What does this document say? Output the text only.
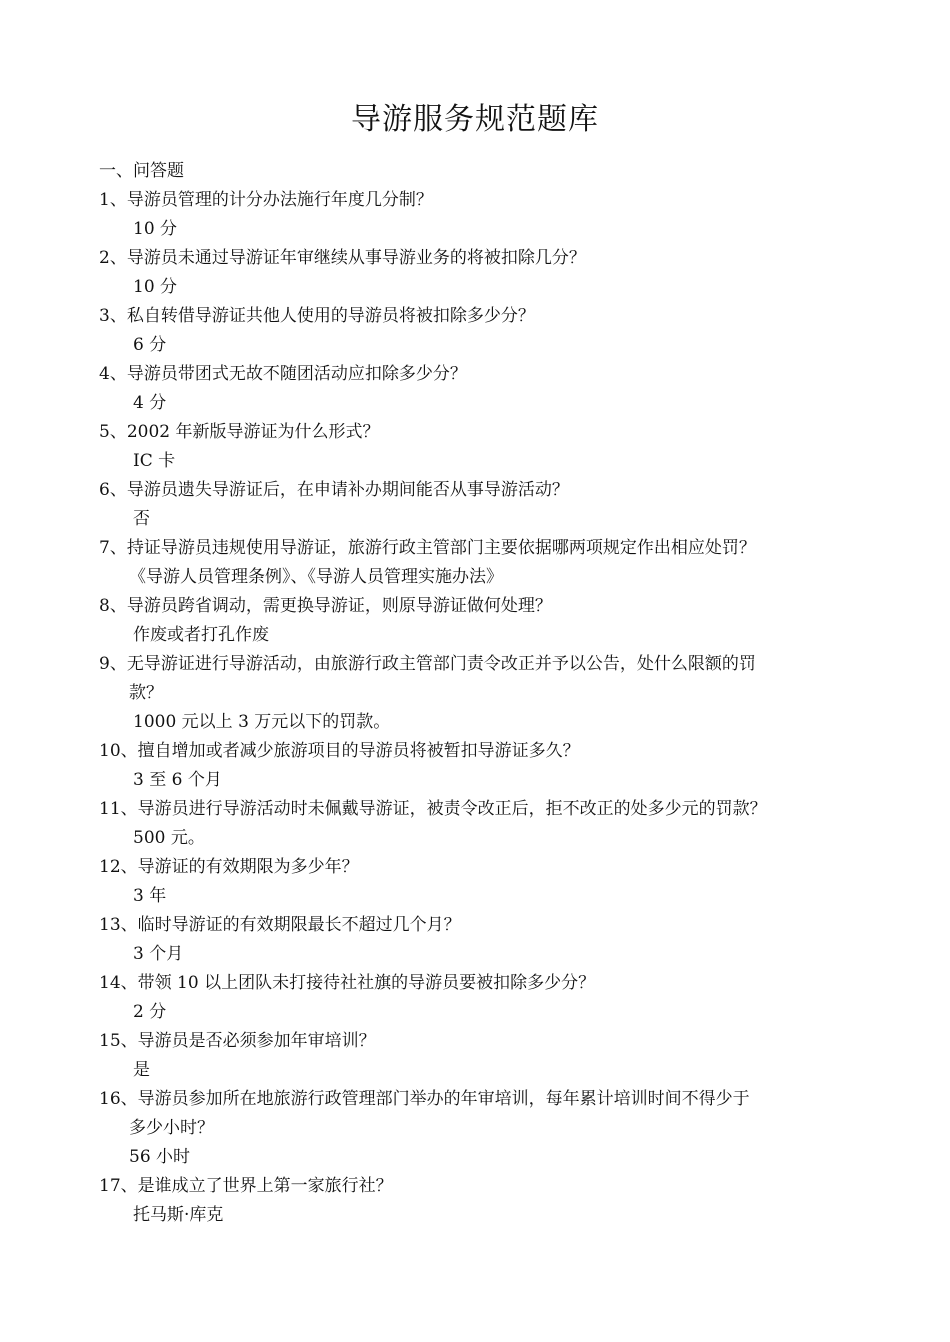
导游服务规范题库
一、问答题
1、 导游员管理的计分办法施行年度几分制？
10 分
2、 导游员未通过导游证年审继续从事导游业务的将被扣除几分？
10 分
3、 私自转借导游证共他人使用的导游员将被扣除多少分？
6 分
4、 导游员带团式无故不随团活动应扣除多少分？
4 分
5、 2002 年新版导游证为什么形式？
IC 卡
6、 导游员遗失导游证后，在申请补办期间能否从事导游活动？
否
7、 持证导游员违规使用导游证，旅游行政主管部门主要依据哪两项规定作出相应处罚？
《导游人员管理条例》、《导游人员管理实施办法》
8、 导游员跨省调动，需更换导游证，则原导游证做何处理？
作废或者打孔作废
9、 无导游证进行导游活动，由旅游行政主管部门责令改正并予以公告，处什么限额的罚
款？
1000 元以上 3 万元以下的罚款。
10、 擅自增加或者减少旅游项目的导游员将被暂扣导游证多久？
3 至 6 个月
11、 导游员进行导游活动时未佩戴导游证，被责令改正后，拒不改正的处多少元的罚款？
500 元。
12、 导游证的有效期限为多少年？
3 年
13、 临时导游证的有效期限最长不超过几个月？
3 个月
14、 带领 10 以上团队未打接待社社旗的导游员要被扣除多少分？
2 分
15、 导游员是否必须参加年审培训？
是
16、 导游员参加所在地旅游行政管理部门举办的年审培训，每年累计培训时间不得少于
多少小时？
56 小时
17、 是谁成立了世界上第一家旅行社？
托马斯·库克
